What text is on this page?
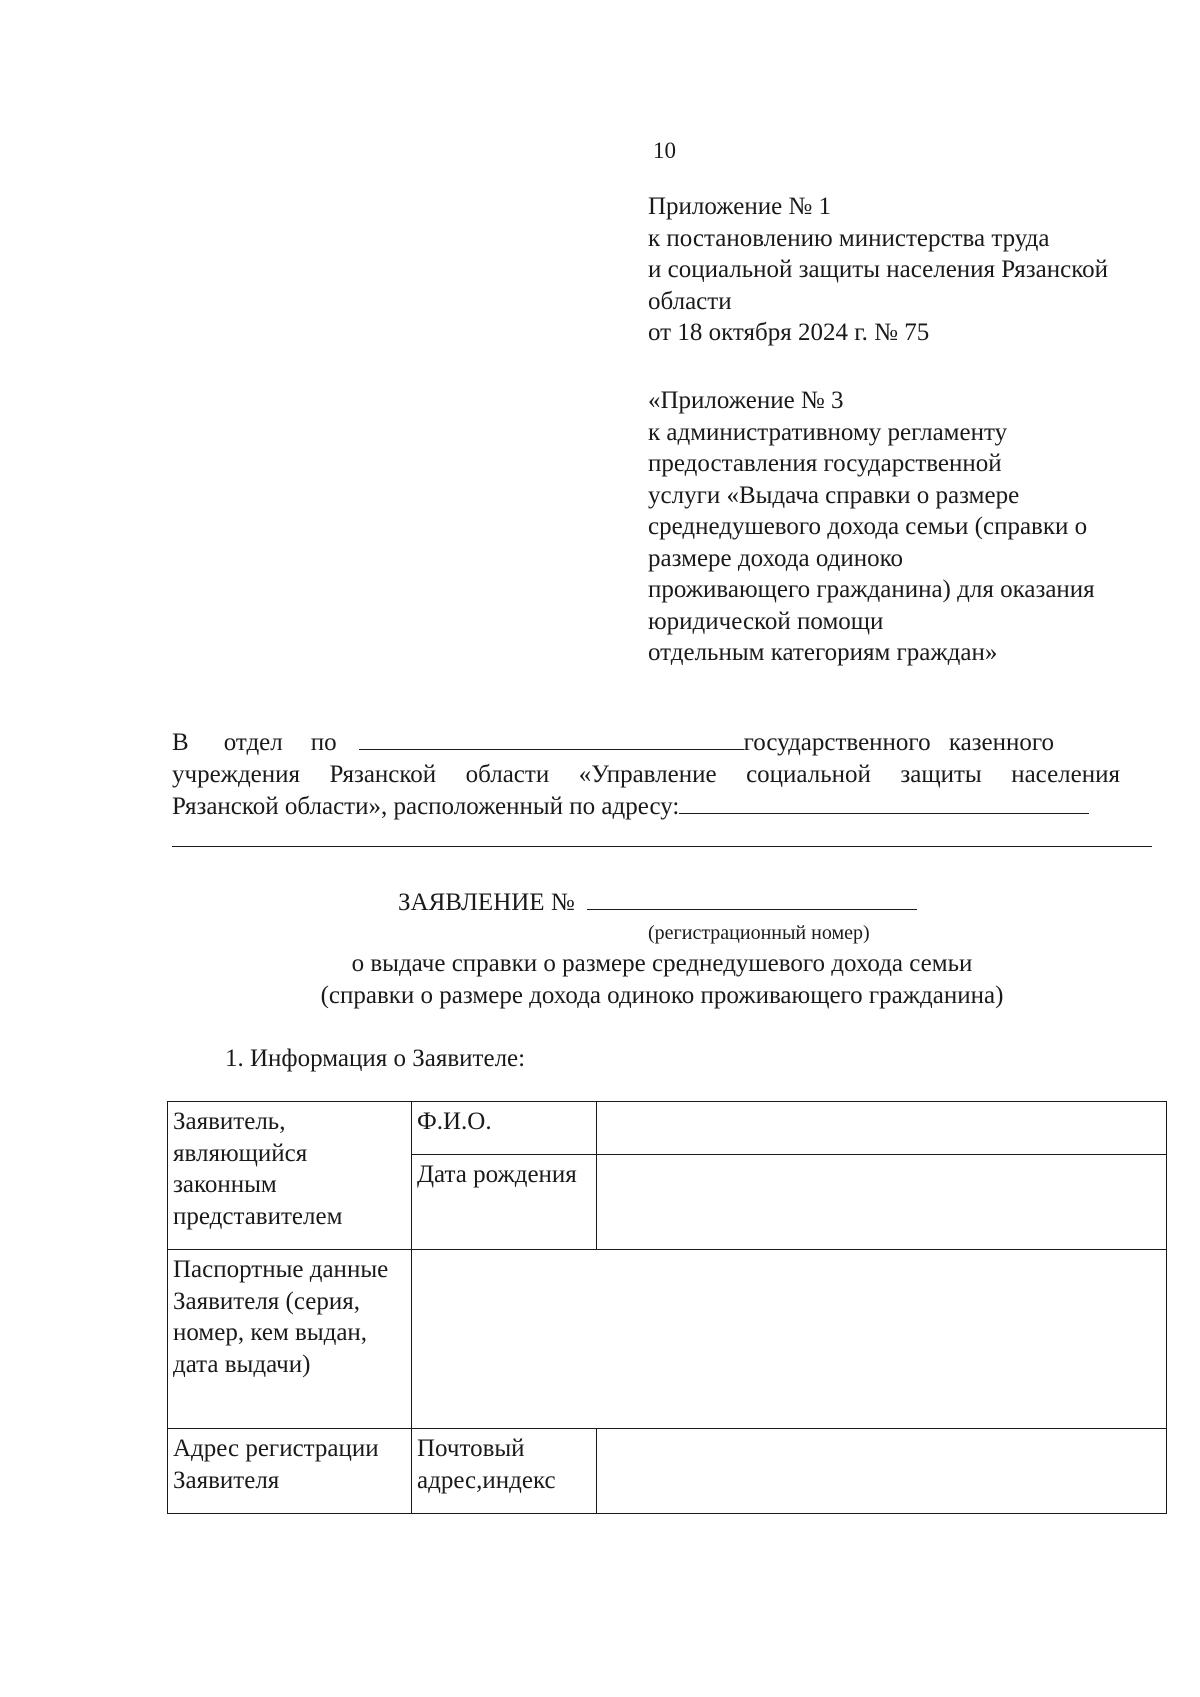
10
Приложение № 1
к постановлению министерства труда
и социальной защиты населения Рязанской
области
от 18 октября 2024 г. № 75
«Приложение № 3
к административному регламенту
предоставления государственной
услуги «Выдача справки о размере
среднедушевого дохода семьи (справки о
размере дохода одиноко
проживающего гражданина) для оказания
юридической помощи
отдельным категориям граждан»
В отдел по	государственного казенного
учреждения Рязанской области «Управление социальной защиты населения
Рязанской области», расположенный по адресу:
ЗАЯВЛЕНИЕ №
(регистрационный номер)
о выдаче справки о размере среднедушевого дохода семьи
(справки о размере дохода одиноко проживающего гражданина)
1. Информация о Заявителе:
Заявитель, являющийся законным представителем	Ф.И.О.	
	Дата рождения	
Паспортные данные Заявителя (серия, номер, кем выдан, дата выдачи)		
Адрес регистрации Заявителя	Почтовый адрес,индекс	
